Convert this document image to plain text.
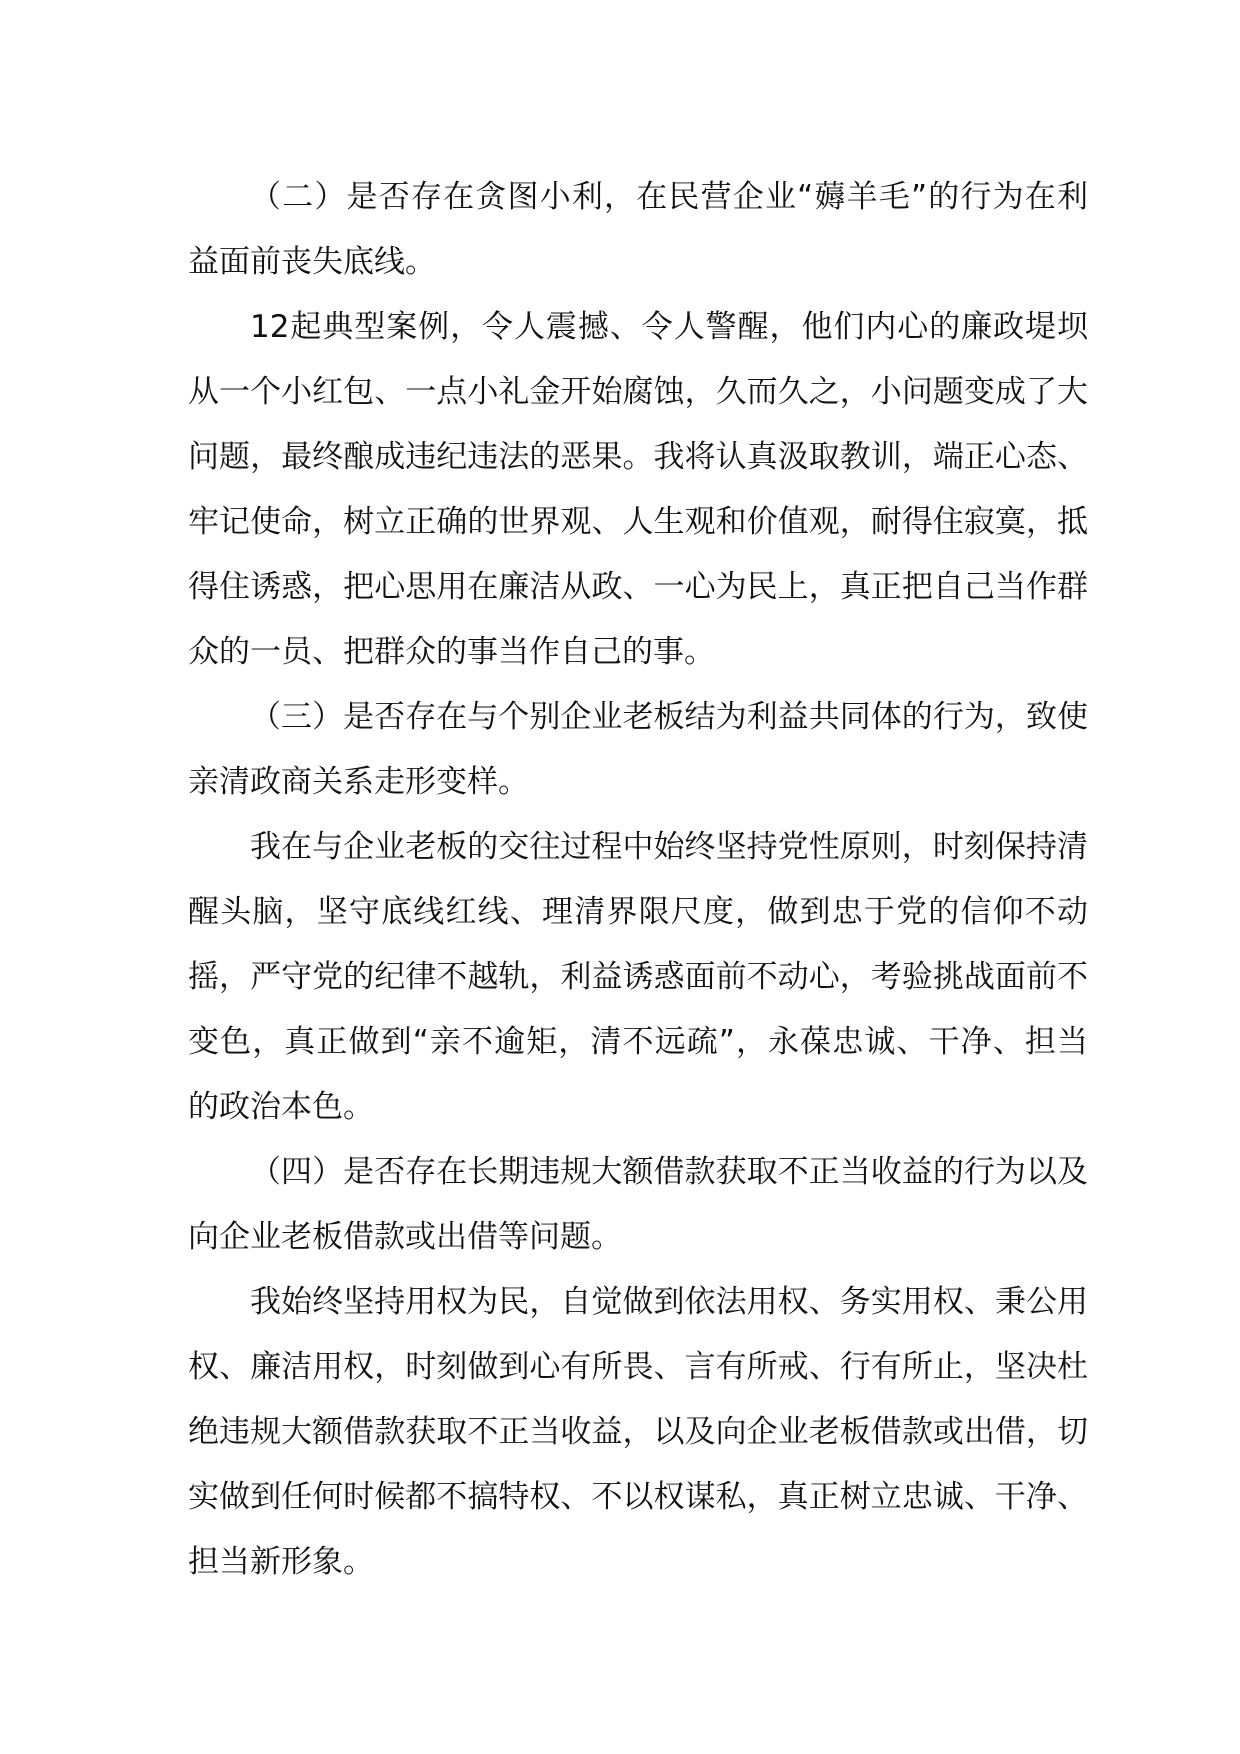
（二）是否存在贪图小利，在民营企业“薅羊毛”的行为在利益面前丧失底线。

12起典型案例，令人震撼、令人警醒，他们内心的廉政堤坝从一个小红包、一点小礼金开始腐蚀，久而久之，小问题变成了大问题，最终酿成违纪违法的恶果。我将认真汲取教训，端正心态、牢记使命，树立正确的世界观、人生观和价值观，耐得住寂寞，抵得住诱惑，把心思用在廉洁从政、一心为民上，真正把自己当作群众的一员、把群众的事当作自己的事。

（三）是否存在与个别企业老板结为利益共同体的行为，致使亲清政商关系走形变样。

我在与企业老板的交往过程中始终坚持党性原则，时刻保持清醒头脑，坚守底线红线、理清界限尺度，做到忠于党的信仰不动摇，严守党的纪律不越轨，利益诱惑面前不动心，考验挑战面前不变色，真正做到“亲不逾矩，清不远疏”，永葆忠诚、干净、担当的政治本色。

（四）是否存在长期违规大额借款获取不正当收益的行为以及向企业老板借款或出借等问题。

我始终坚持用权为民，自觉做到依法用权、务实用权、秉公用权、廉洁用权，时刻做到心有所畏、言有所戒、行有所止，坚决杜绝违规大额借款获取不正当收益，以及向企业老板借款或出借，切实做到任何时候都不搞特权、不以权谋私，真正树立忠诚、干净、担当新形象。
